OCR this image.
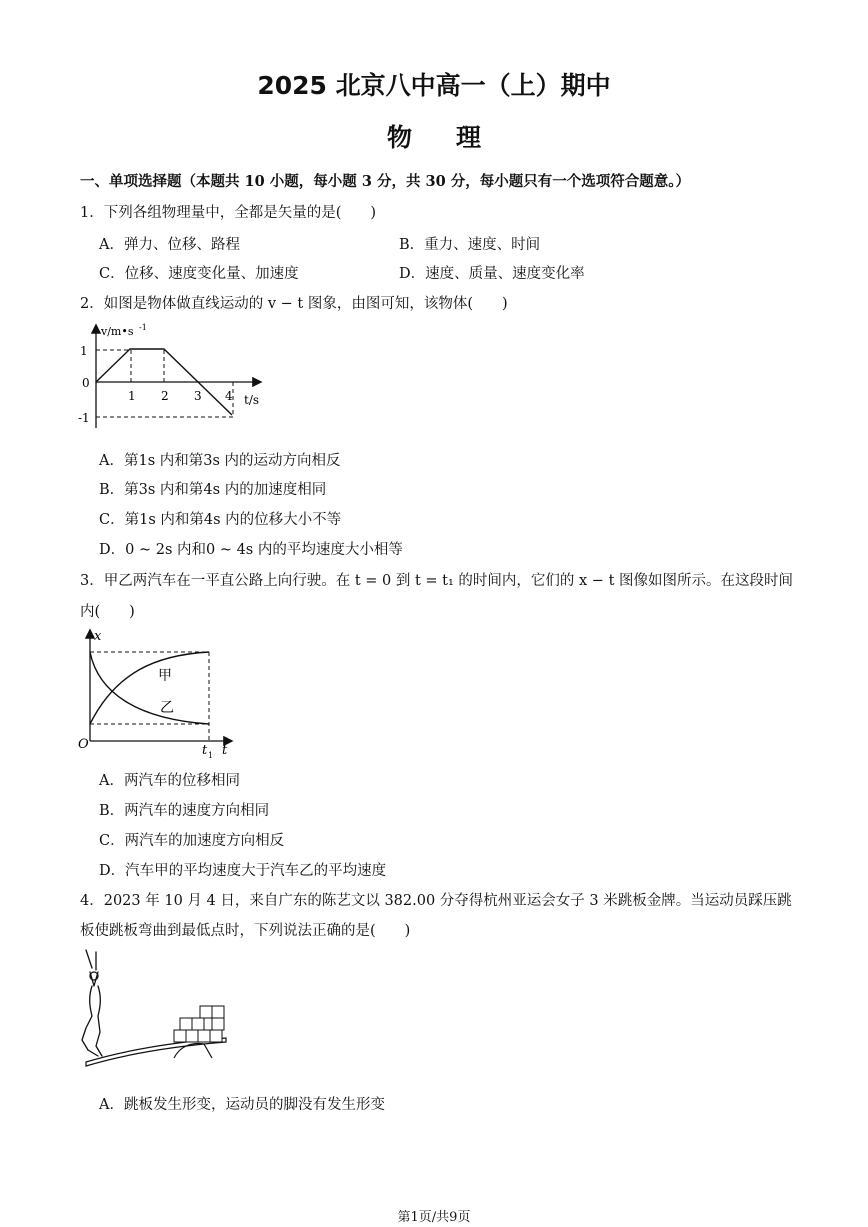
2025 北京八中高一（上）期中
物理
一、单项选择题（本题共 10 小题，每小题 3 分，共 30 分，每小题只有一个选项符合题意。）
1．下列各组物理量中，全都是矢量的是(　　)
A．弹力、位移、路程	B．重力、速度、时间
C．位移、速度变化量、加速度	D．速度、质量、速度变化率
2．如图是物体做直线运动的 v − t 图象，由图可知，该物体(　　)
v/m•s -1
1
0
-1
1 2 3 4 t/s
A．第1s 内和第3s 内的运动方向相反
B．第3s 内和第4s 内的加速度相同
C．第1s 内和第4s 内的位移大小不等
D．0 ~ 2s 内和0 ~ 4s 内的平均速度大小相等
3．甲乙两汽车在一平直公路上向行驶。在 t = 0 到 t = t₁ 的时间内，它们的 x − t 图像如图所示。在这段时间
内(　　)
x
O	t 1 t
甲
乙
A．两汽车的位移相同
B．两汽车的速度方向相同
C．两汽车的加速度方向相反
D．汽车甲的平均速度大于汽车乙的平均速度
4．2023 年 10 月 4 日，来自广东的陈艺文以 382.00 分夺得杭州亚运会女子 3 米跳板金牌。当运动员踩压跳
板使跳板弯曲到最低点时，下列说法正确的是(　　)
A．跳板发生形变，运动员的脚没有发生形变
第1页/共9页
